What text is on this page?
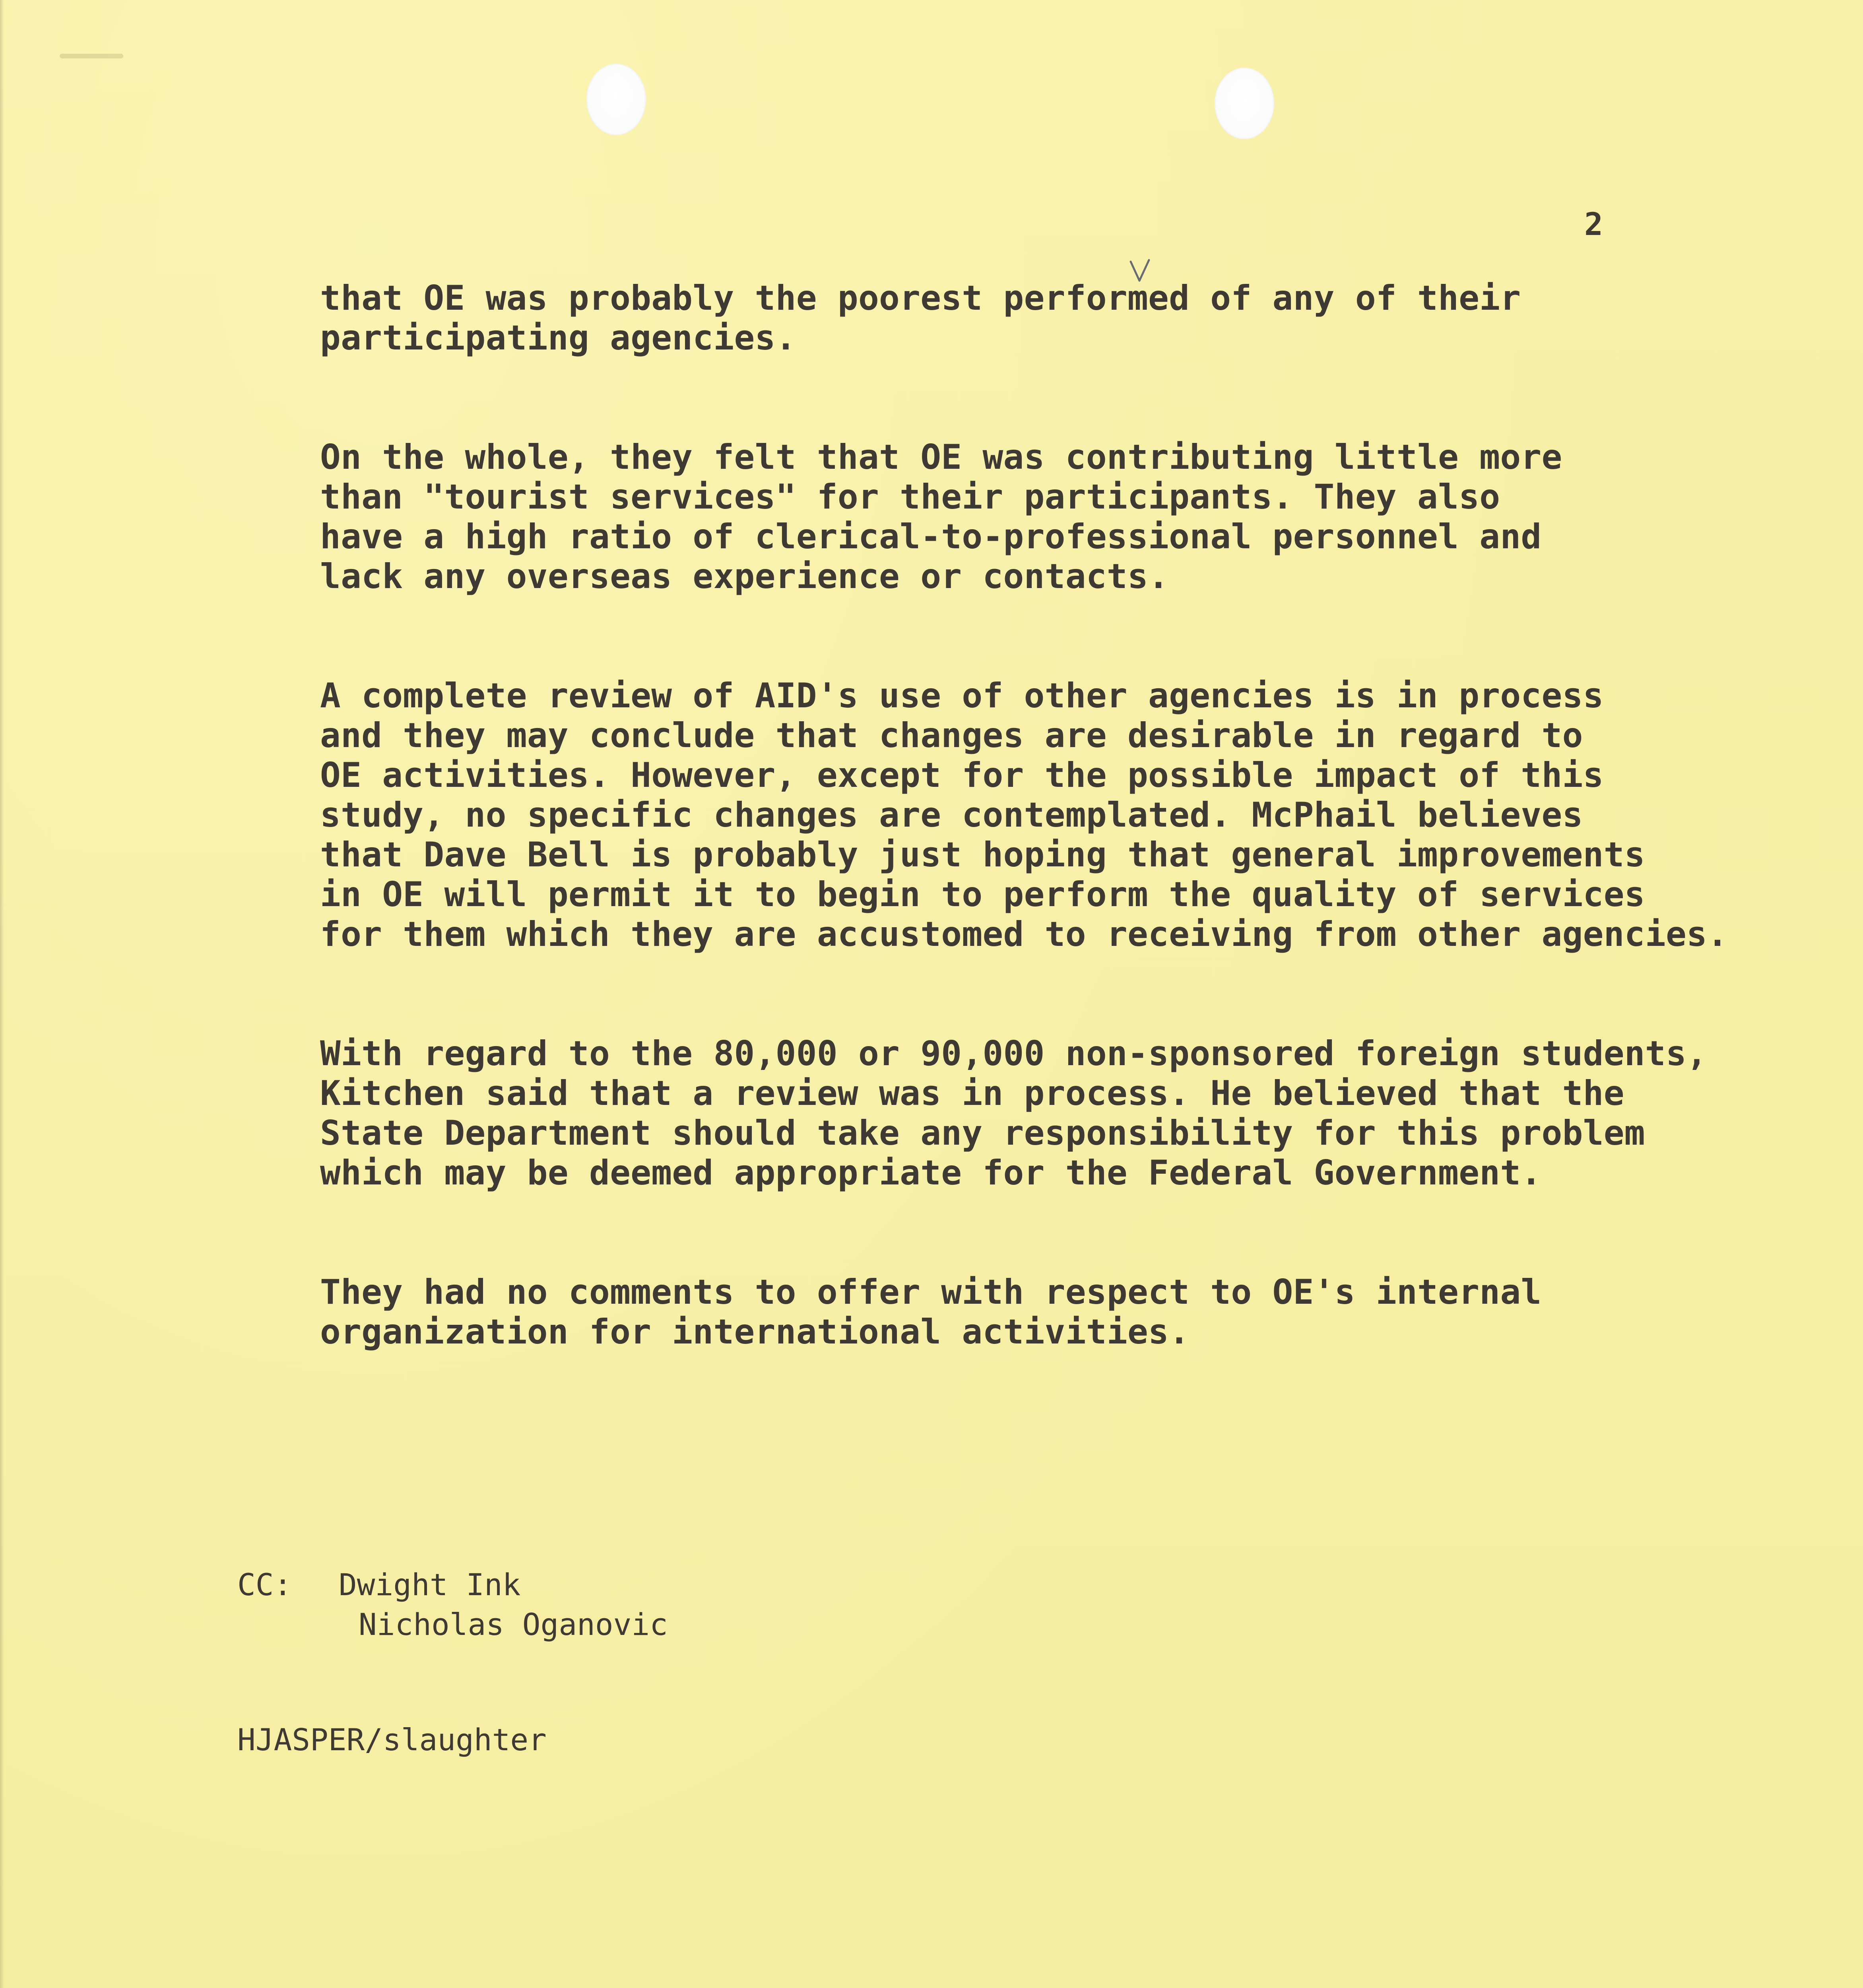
2
that OE was probably the poorest performed of any of their
participating agencies.
On the whole, they felt that OE was contributing little more
than "tourist services" for their participants. They also
have a high ratio of clerical-to-professional personnel and
lack any overseas experience or contacts.
A complete review of AID's use of other agencies is in process
and they may conclude that changes are desirable in regard to
OE activities. However, except for the possible impact of this
study, no specific changes are contemplated. McPhail believes
that Dave Bell is probably just hoping that general improvements
in OE will permit it to begin to perform the quality of services
for them which they are accustomed to receiving from other agencies.
With regard to the 80,000 or 90,000 non-sponsored foreign students,
Kitchen said that a review was in process. He believed that the
State Department should take any responsibility for this problem
which may be deemed appropriate for the Federal Government.
They had no comments to offer with respect to OE's internal
organization for international activities.
CC: Dwight Ink
Nicholas Oganovic
HJASPER/slaughter
